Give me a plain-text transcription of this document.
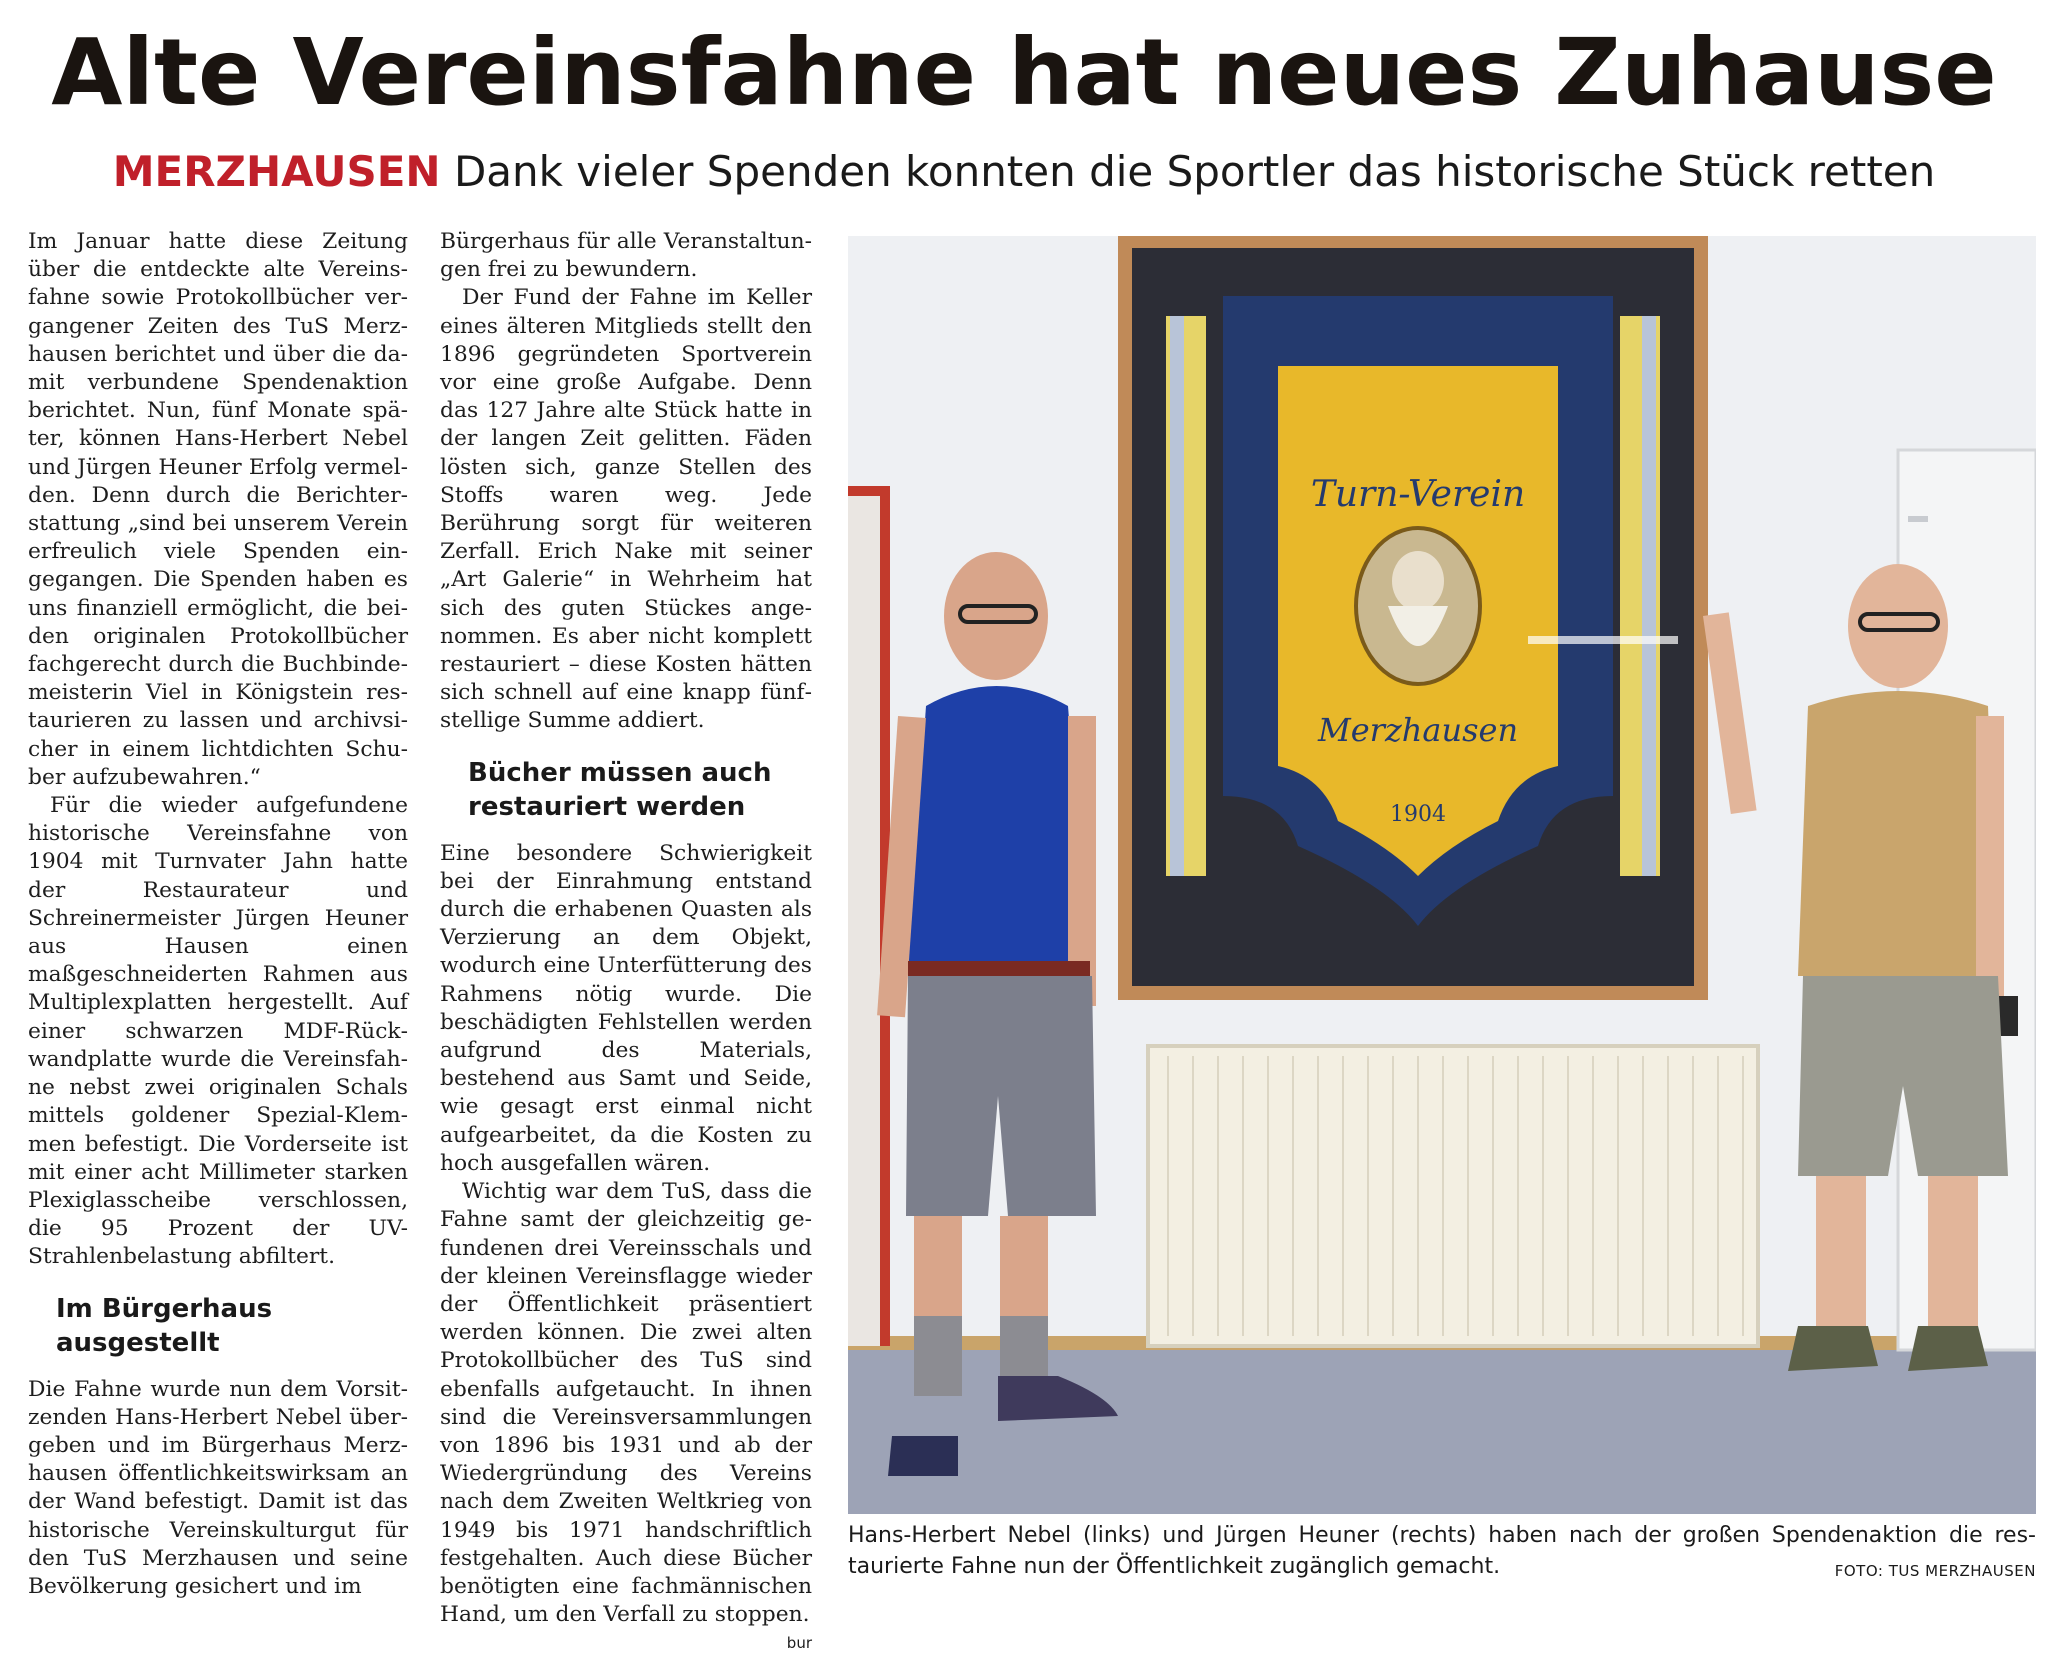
Alte Vereinsfahne hat neues Zuhause
MERZHAUSEN Dank vieler Spenden konnten die Sportler das historische Stück retten

Im Januar hatte diese Zeitung über die entdeckte alte Vereinsfahne sowie Protokollbücher vergangener Zeiten des TuS Merzhausen berichtet und über die damit verbundene Spendenaktion berichtet. Nun, fünf Monate später, können Hans-Herbert Nebel und Jürgen Heuner Erfolg vermelden. Denn durch die Berichterstattung „sind bei unserem Verein erfreulich viele Spenden eingegangen. Die Spenden haben es uns finanziell ermöglicht, die beiden originalen Protokollbücher fachgerecht durch die Buchbindemeisterin Viel in Königstein restaurieren zu lassen und archivsicher in einem lichtdichten Schuber aufzubewahren.“

Für die wieder aufgefundene historische Vereinsfahne von 1904 mit Turnvater Jahn hatte der Restaurateur und Schreinermeister Jürgen Heuner aus Hausen einen maßgeschneiderten Rahmen aus Multiplexplatten hergestellt. Auf einer schwarzen MDF-Rückwandplatte wurde die Vereinsfahne nebst zwei originalen Schals mittels goldener Spezial-Klemmen befestigt. Die Vorderseite ist mit einer acht Millimeter starken Plexiglasscheibe verschlossen, die 95 Prozent der UV-Strahlenbelastung abfiltert.

Im Bürgerhaus ausgestellt

Die Fahne wurde nun dem Vorsitzenden Hans-Herbert Nebel übergeben und im Bürgerhaus Merzhausen öffentlichkeitswirksam an der Wand befestigt. Damit ist das historische Vereinskulturgut für den TuS Merzhausen und seine Bevölkerung gesichert und im

Bürgerhaus für alle Veranstaltungen frei zu bewundern.

Der Fund der Fahne im Keller eines älteren Mitglieds stellt den 1896 gegründeten Sportverein vor eine große Aufgabe. Denn das 127 Jahre alte Stück hatte in der langen Zeit gelitten. Fäden lösten sich, ganze Stellen des Stoffs waren weg. Jede Berührung sorgt für weiteren Zerfall. Erich Nake mit seiner „Art Galerie“ in Wehrheim hat sich des guten Stückes angenommen. Es aber nicht komplett restauriert – diese Kosten hätten sich schnell auf eine knapp fünfstellige Summe addiert.

Bücher müssen auch restauriert werden

Eine besondere Schwierigkeit bei der Einrahmung entstand durch die erhabenen Quasten als Verzierung an dem Objekt, wodurch eine Unterfütterung des Rahmens nötig wurde. Die beschädigten Fehlstellen werden aufgrund des Materials, bestehend aus Samt und Seide, wie gesagt erst einmal nicht aufgearbeitet, da die Kosten zu hoch ausgefallen wären.

Wichtig war dem TuS, dass die Fahne samt der gleichzeitig gefundenen drei Vereinsschals und der kleinen Vereinsflagge wieder der Öffentlichkeit präsentiert werden können. Die zwei alten Protokollbücher des TuS sind ebenfalls aufgetaucht. In ihnen sind die Vereinsversammlungen von 1896 bis 1931 und ab der Wiedergründung des Vereins nach dem Zweiten Weltkrieg von 1949 bis 1971 handschriftlich festgehalten. Auch diese Bücher benötigten eine fachmännischen Hand, um den Verfall zu stoppen.
bur

Turn-Verein
Merzhausen
1904
Hans-Herbert Nebel (links) und Jürgen Heuner (rechts) haben nach der großen Spendenaktion die restaurierte Fahne nun der Öffentlichkeit zugänglich gemacht.	FOTO: TUS MERZHAUSEN
